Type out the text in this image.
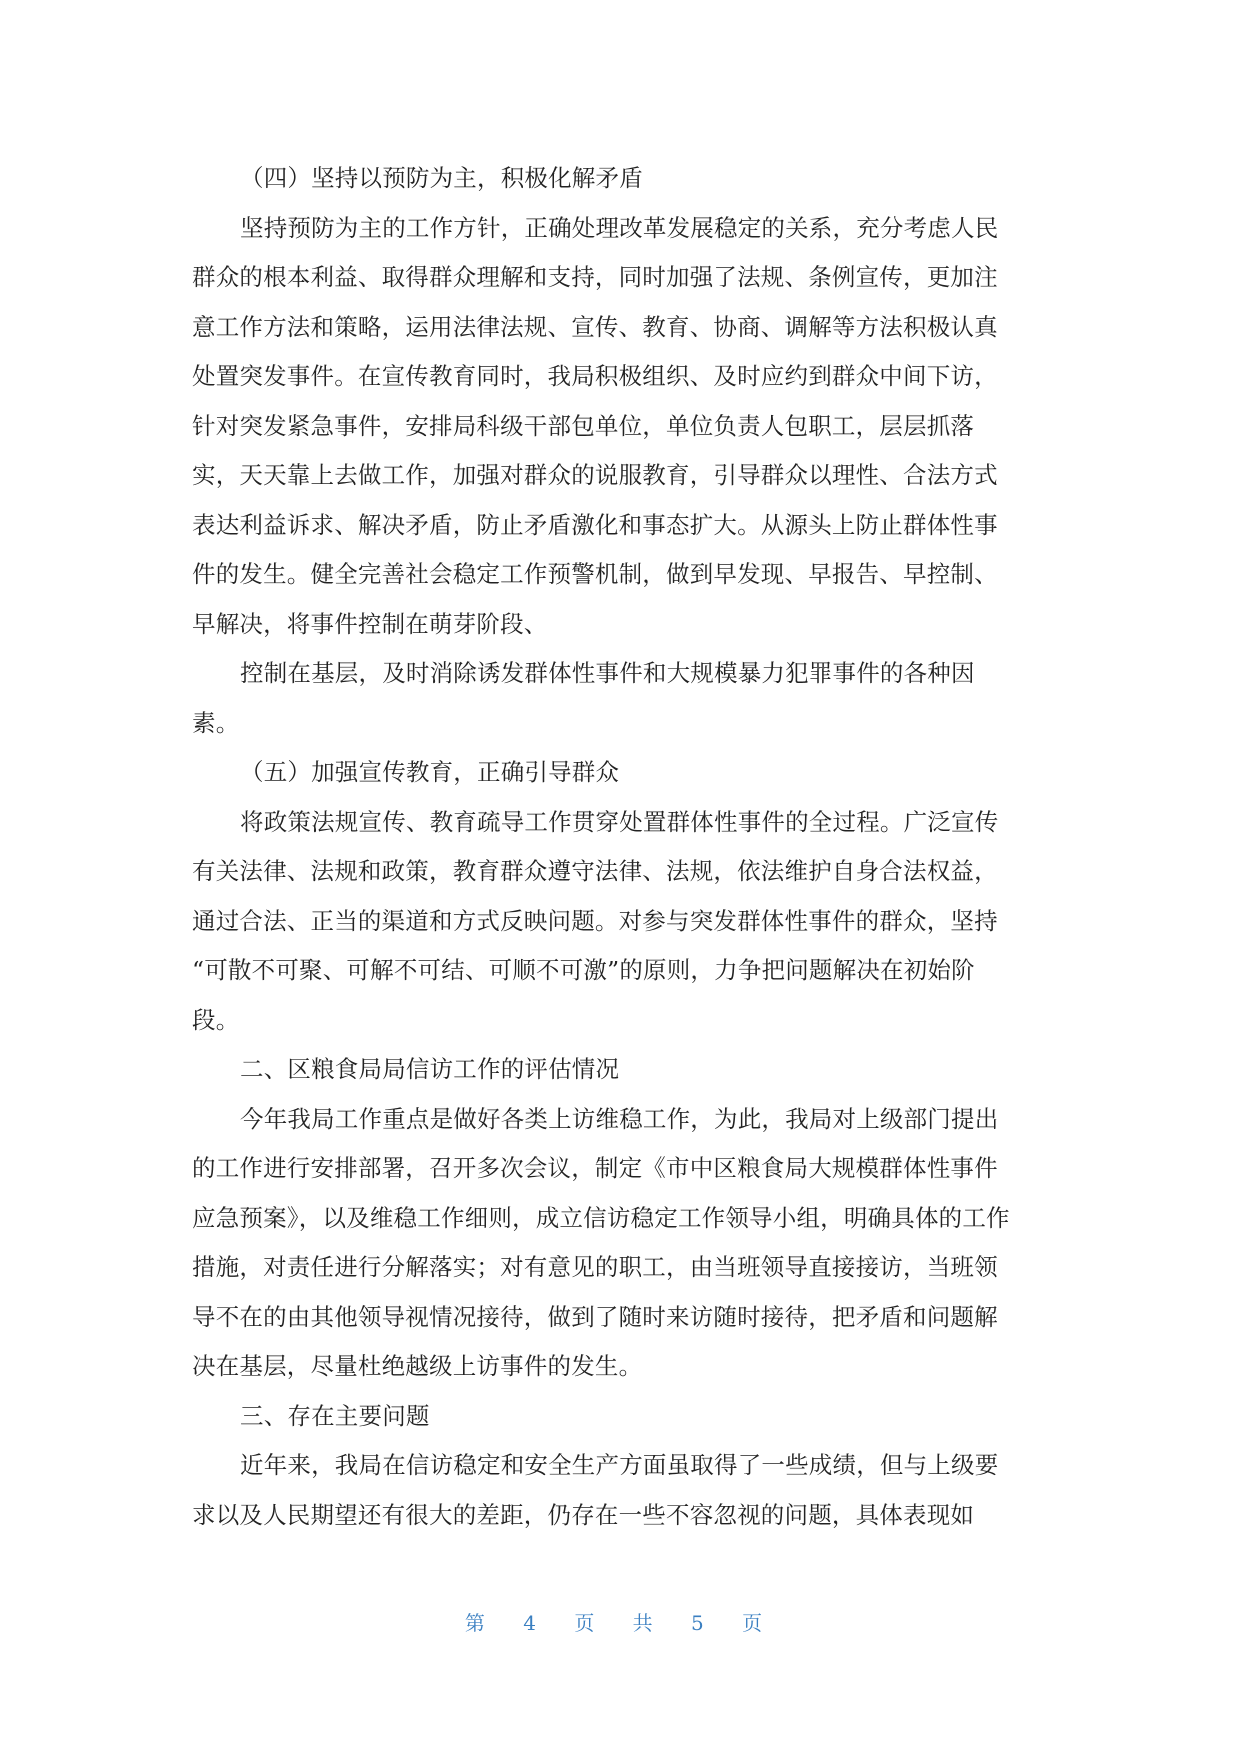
（四）坚持以预防为主，积极化解矛盾
坚持预防为主的工作方针，正确处理改革发展稳定的关系，充分考虑人民
群众的根本利益、取得群众理解和支持，同时加强了法规、条例宣传，更加注
意工作方法和策略，运用法律法规、宣传、教育、协商、调解等方法积极认真
处置突发事件。在宣传教育同时，我局积极组织、及时应约到群众中间下访，
针对突发紧急事件，安排局科级干部包单位，单位负责人包职工，层层抓落
实，天天靠上去做工作，加强对群众的说服教育，引导群众以理性、合法方式
表达利益诉求、解决矛盾，防止矛盾激化和事态扩大。从源头上防止群体性事
件的发生。健全完善社会稳定工作预警机制，做到早发现、早报告、早控制、
早解决，将事件控制在萌芽阶段、
控制在基层，及时消除诱发群体性事件和大规模暴力犯罪事件的各种因
素。
（五）加强宣传教育，正确引导群众
将政策法规宣传、教育疏导工作贯穿处置群体性事件的全过程。广泛宣传
有关法律、法规和政策，教育群众遵守法律、法规，依法维护自身合法权益，
通过合法、正当的渠道和方式反映问题。对参与突发群体性事件的群众，坚持
“可散不可聚、可解不可结、可顺不可激”的原则，力争把问题解决在初始阶
段。
二、区粮食局局信访工作的评估情况
今年我局工作重点是做好各类上访维稳工作，为此，我局对上级部门提出
的工作进行安排部署，召开多次会议，制定《市中区粮食局大规模群体性事件
应急预案》，以及维稳工作细则，成立信访稳定工作领导小组，明确具体的工作
措施，对责任进行分解落实；对有意见的职工，由当班领导直接接访，当班领
导不在的由其他领导视情况接待，做到了随时来访随时接待，把矛盾和问题解
决在基层，尽量杜绝越级上访事件的发生。
三、存在主要问题
近年来，我局在信访稳定和安全生产方面虽取得了一些成绩，但与上级要
求以及人民期望还有很大的差距，仍存在一些不容忽视的问题，具体表现如
第 4 页 共 5 页
